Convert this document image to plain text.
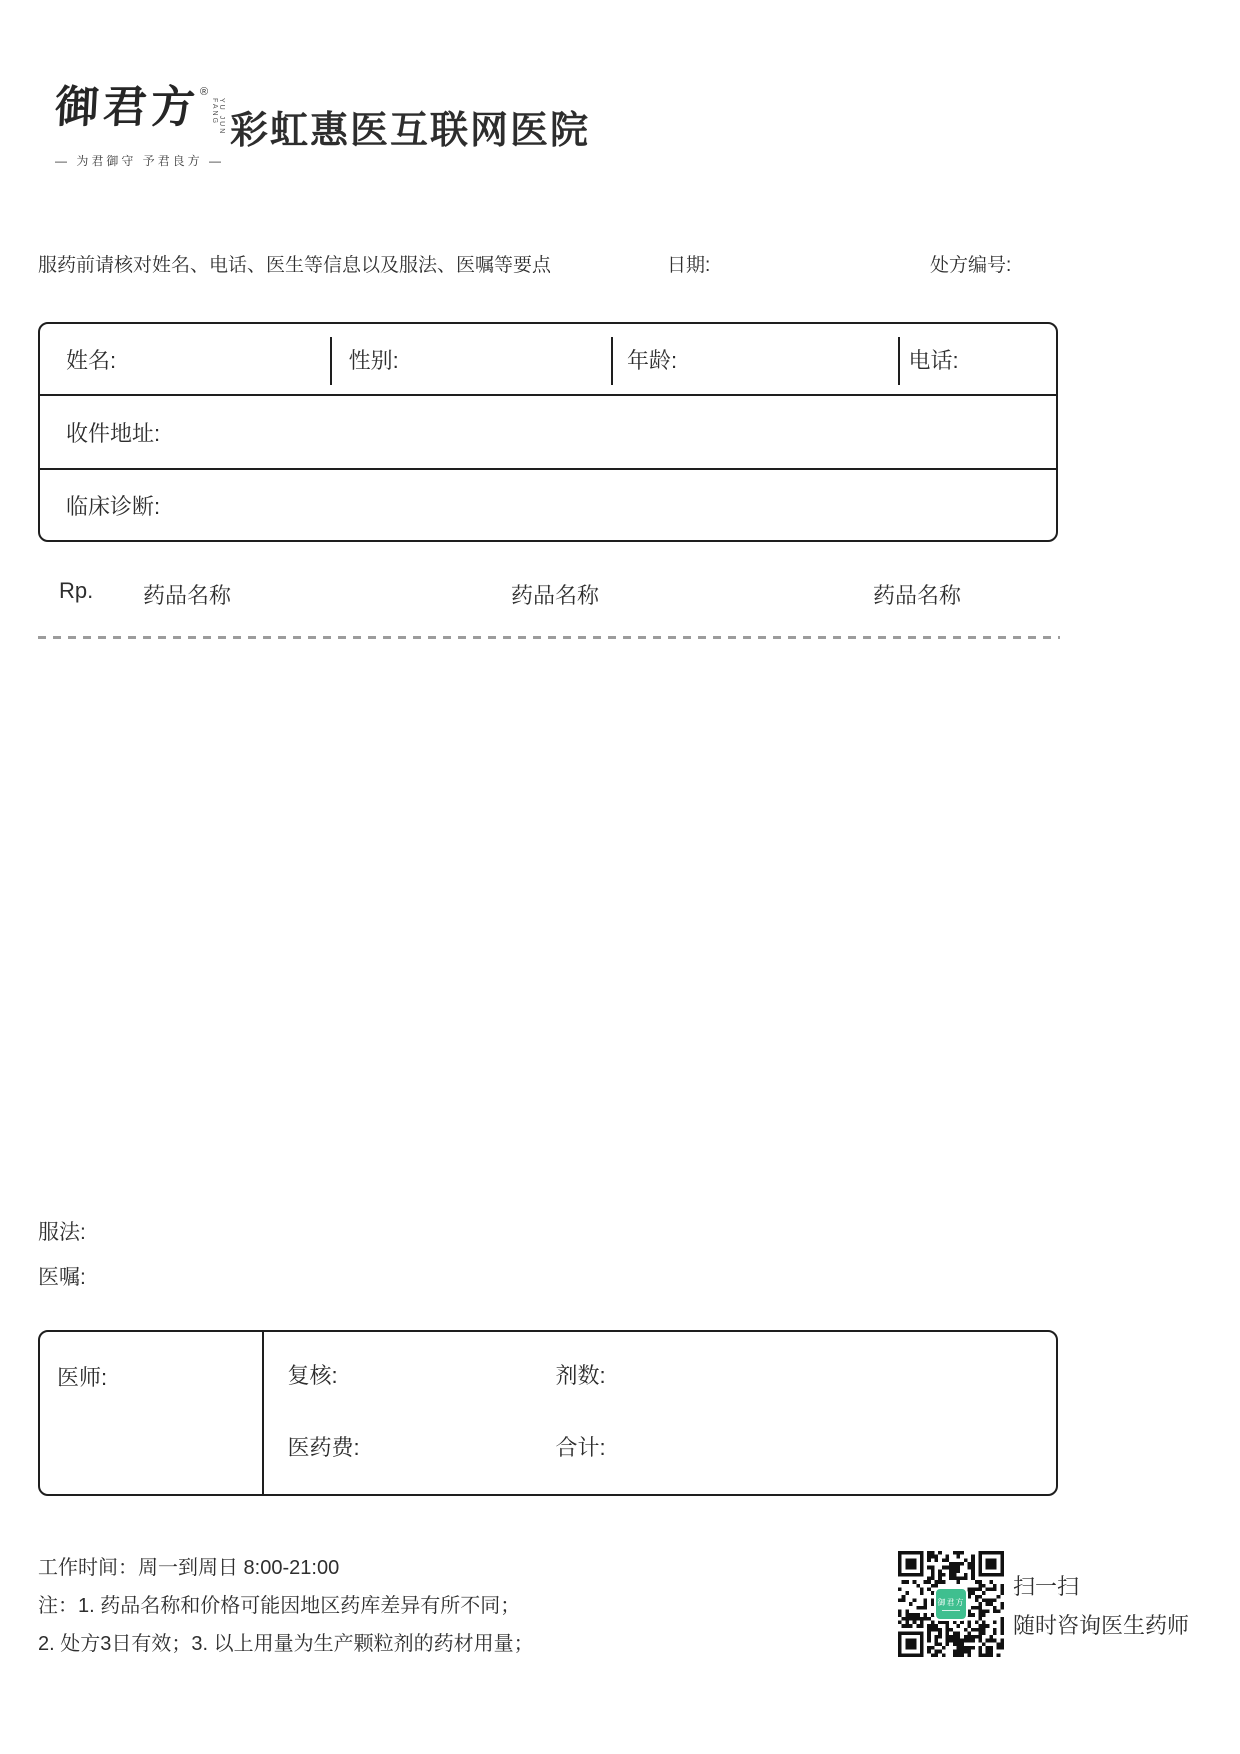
御君方 ®
YU JUN FANG
— 为君御守 予君良方 —
彩虹惠医互联网医院
服药前请核对姓名、电话、医生等信息以及服法、医嘱等要点	日期:	处方编号:
姓名:	性别:	年龄:	电话:
收件地址:
临床诊断:
Rp. 药品名称	药品名称	药品名称
服法:
医嘱:
医师:	复核:	剂数:
医药费:	合计:
工作时间：周一到周日 8:00-21:00
注：1. 药品名称和价格可能因地区药库差异有所不同；
2. 处方3日有效；3. 以上用量为生产颗粒剂的药材用量；
御君方
扫一扫
随时咨询医生药师
